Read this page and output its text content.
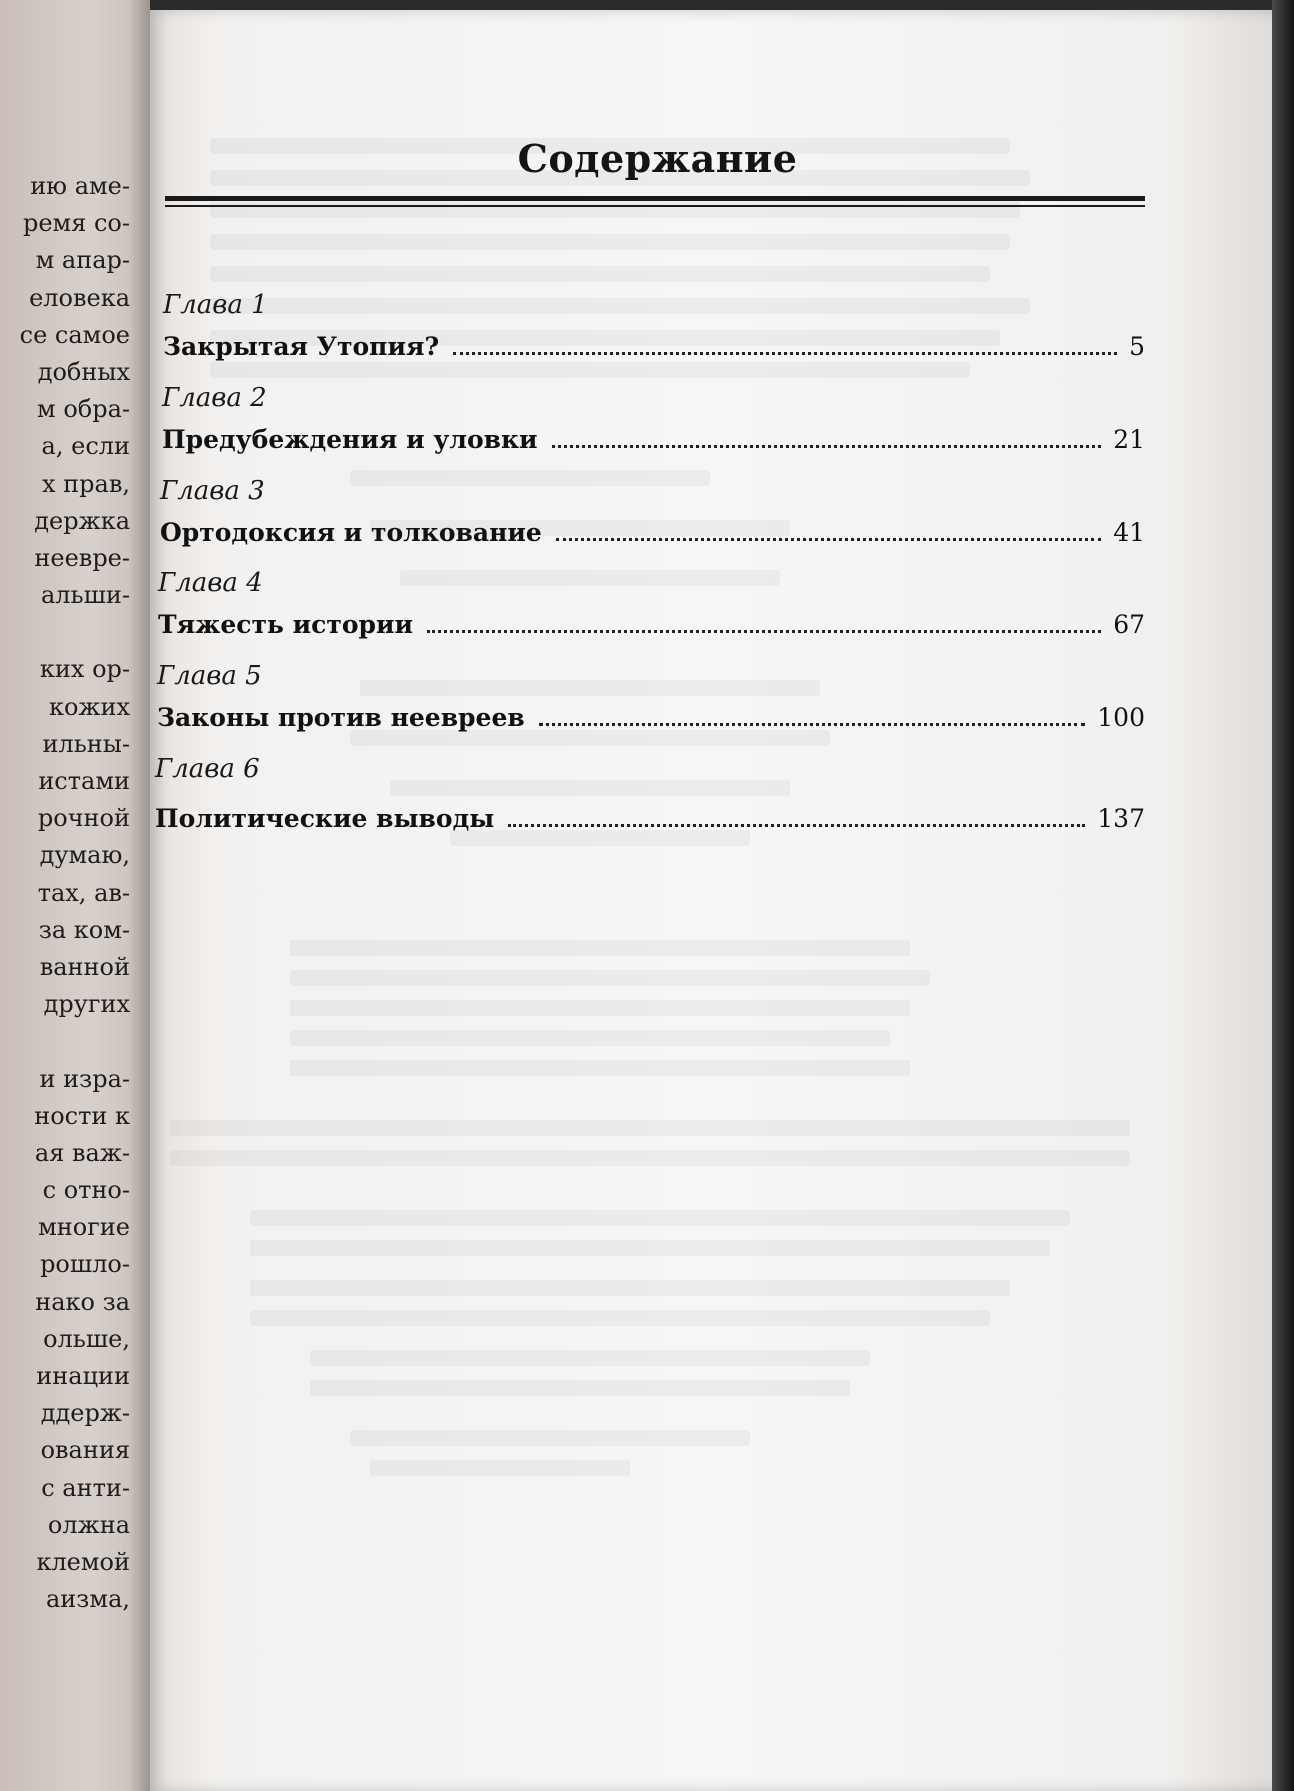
ию аме-
ремя со-
м апар-
еловека
се самое
добных
м обра-
а, если
х прав,
держка
неевре-
альши-
ких ор-
кожих
ильны-
истами
рочной
думаю,
тах, ав-
за ком-
ванной
других
и изра-
ности к
ая важ-
с отно-
многие
рошло-
нако за
ольше,
инации
ддерж-
ования
с анти-
олжна
клемой
аизма,
Содержание
Глава 1
Закрытая Утопия?	5
Глава 2
Предубеждения и уловки	21
Глава 3
Ортодоксия и толкование	41
Глава 4
Тяжесть истории	67
Глава 5
Законы против неевреев	100
Глава 6
Политические выводы	137
